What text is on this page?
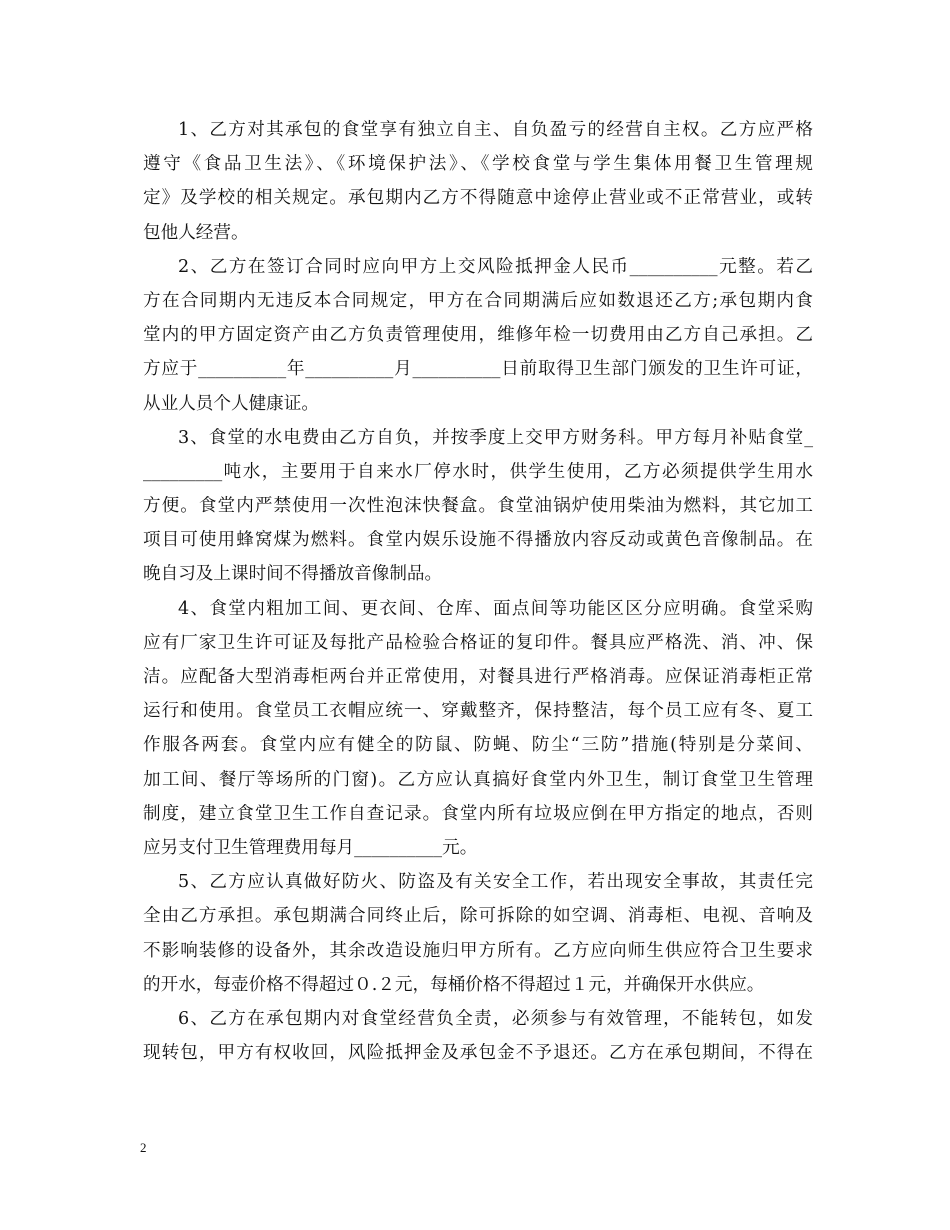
1、乙方对其承包的食堂享有独立自主、自负盈亏的经营自主权。乙方应严格
遵守《食品卫生法》、《环境保护法》、《学校食堂与学生集体用餐卫生管理规
定》及学校的相关规定。承包期内乙方不得随意中途停止营业或不正常营业，或转
包他人经营。
2、乙方在签订合同时应向甲方上交风险抵押金人民币__________元整。若乙
方在合同期内无违反本合同规定，甲方在合同期满后应如数退还乙方;承包期内食
堂内的甲方固定资产由乙方负责管理使用，维修年检一切费用由乙方自己承担。乙
方应于__________年__________月__________日前取得卫生部门颁发的卫生许可证，
从业人员个人健康证。
3、食堂的水电费由乙方自负，并按季度上交甲方财务科。甲方每月补贴食堂_
_________吨水，主要用于自来水厂停水时，供学生使用，乙方必须提供学生用水
方便。食堂内严禁使用一次性泡沫快餐盒。食堂油锅炉使用柴油为燃料，其它加工
项目可使用蜂窝煤为燃料。食堂内娱乐设施不得播放内容反动或黄色音像制品。在
晚自习及上课时间不得播放音像制品。
4、食堂内粗加工间、更衣间、仓库、面点间等功能区区分应明确。食堂采购
应有厂家卫生许可证及每批产品检验合格证的复印件。餐具应严格洗、消、冲、保
洁。应配备大型消毒柜两台并正常使用，对餐具进行严格消毒。应保证消毒柜正常
运行和使用。食堂员工衣帽应统一、穿戴整齐，保持整洁，每个员工应有冬、夏工
作服各两套。食堂内应有健全的防鼠、防蝇、防尘“三防”措施(特别是分菜间、
加工间、餐厅等场所的门窗)。乙方应认真搞好食堂内外卫生，制订食堂卫生管理
制度，建立食堂卫生工作自查记录。食堂内所有垃圾应倒在甲方指定的地点，否则
应另支付卫生管理费用每月__________元。
5、乙方应认真做好防火、防盗及有关安全工作，若出现安全事故，其责任完
全由乙方承担。承包期满合同终止后，除可拆除的如空调、消毒柜、电视、音响及
不影响装修的设备外，其余改造设施归甲方所有。乙方应向师生供应符合卫生要求
的开水，每壶价格不得超过０.２元，每桶价格不得超过１元，并确保开水供应。
6、乙方在承包期内对食堂经营负全责，必须参与有效管理，不能转包，如发
现转包，甲方有权收回，风险抵押金及承包金不予退还。乙方在承包期间，不得在
2
